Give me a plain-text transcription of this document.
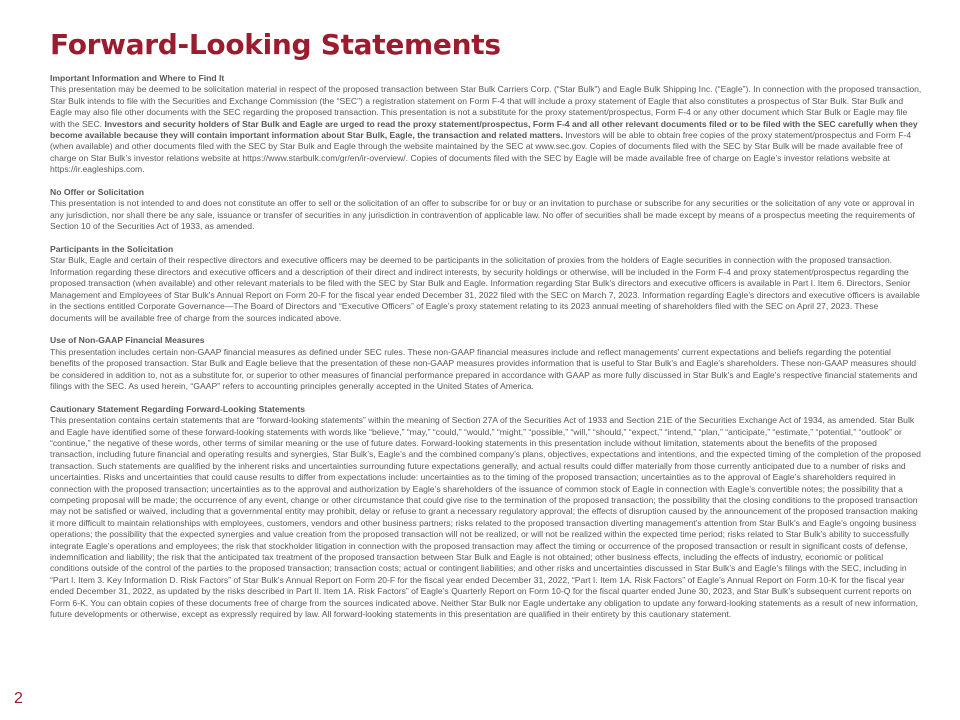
Forward-Looking Statements
Important Information and Where to Find It
This presentation may be deemed to be solicitation material in respect of the proposed transaction between Star Bulk Carriers Corp. (“Star Bulk”) and Eagle Bulk Shipping Inc. (“Eagle”). In connection with the proposed transaction, Star Bulk intends to file with the Securities and Exchange Commission (the “SEC”) a registration statement on Form F-4 that will include a proxy statement of Eagle that also constitutes a prospectus of Star Bulk. Star Bulk and Eagle may also file other documents with the SEC regarding the proposed transaction. This presentation is not a substitute for the proxy statement/prospectus, Form F-4 or any other document which Star Bulk or Eagle may file with the SEC. Investors and security holders of Star Bulk and Eagle are urged to read the proxy statement/prospectus, Form F-4 and all other relevant documents filed or to be filed with the SEC carefully when they become available because they will contain important information about Star Bulk, Eagle, the transaction and related matters. Investors will be able to obtain free copies of the proxy statement/prospectus and Form F-4 (when available) and other documents filed with the SEC by Star Bulk and Eagle through the website maintained by the SEC at www.sec.gov. Copies of documents filed with the SEC by Star Bulk will be made available free of charge on Star Bulk’s investor relations website at https://www.starbulk.com/gr/en/ir-overview/. Copies of documents filed with the SEC by Eagle will be made available free of charge on Eagle’s investor relations website at https://ir.eagleships.com.
No Offer or Solicitation
This presentation is not intended to and does not constitute an offer to sell or the solicitation of an offer to subscribe for or buy or an invitation to purchase or subscribe for any securities or the solicitation of any vote or approval in any jurisdiction, nor shall there be any sale, issuance or transfer of securities in any jurisdiction in contravention of applicable law. No offer of securities shall be made except by means of a prospectus meeting the requirements of Section 10 of the Securities Act of 1933, as amended.
Participants in the Solicitation
Star Bulk, Eagle and certain of their respective directors and executive officers may be deemed to be participants in the solicitation of proxies from the holders of Eagle securities in connection with the proposed transaction. Information regarding these directors and executive officers and a description of their direct and indirect interests, by security holdings or otherwise, will be included in the Form F-4 and proxy statement/prospectus regarding the proposed transaction (when available) and other relevant materials to be filed with the SEC by Star Bulk and Eagle. Information regarding Star Bulk’s directors and executive officers is available in Part I. Item 6. Directors, Senior Management and Employees of Star Bulk’s Annual Report on Form 20-F for the fiscal year ended December 31, 2022 filed with the SEC on March 7, 2023. Information regarding Eagle’s directors and executive officers is available in the sections entitled Corporate Governance—The Board of Directors and “Executive Officers” of Eagle’s proxy statement relating to its 2023 annual meeting of shareholders filed with the SEC on April 27, 2023. These documents will be available free of charge from the sources indicated above.
Use of Non-GAAP Financial Measures
This presentation includes certain non-GAAP financial measures as defined under SEC rules. These non-GAAP financial measures include and reflect managements' current expectations and beliefs regarding the potential benefits of the proposed transaction. Star Bulk and Eagle believe that the presentation of these non-GAAP measures provides information that is useful to Star Bulk's and Eagle's shareholders. These non-GAAP measures should be considered in addition to, not as a substitute for, or superior to other measures of financial performance prepared in accordance with GAAP as more fully discussed in Star Bulk's and Eagle's respective financial statements and filings with the SEC. As used herein, “GAAP” refers to accounting principles generally accepted in the United States of America.
Cautionary Statement Regarding Forward-Looking Statements
This presentation contains certain statements that are “forward-looking statements” within the meaning of Section 27A of the Securities Act of 1933 and Section 21E of the Securities Exchange Act of 1934, as amended. Star Bulk and Eagle have identified some of these forward-looking statements with words like “believe,” “may,” “could,” “would,” “might,” “possible,” “will,” “should,” “expect,” “intend,” “plan,” “anticipate,” “estimate,” “potential,” “outlook” or “continue,” the negative of these words, other terms of similar meaning or the use of future dates. Forward-looking statements in this presentation include without limitation, statements about the benefits of the proposed transaction, including future financial and operating results and synergies, Star Bulk’s, Eagle’s and the combined company’s plans, objectives, expectations and intentions, and the expected timing of the completion of the proposed transaction. Such statements are qualified by the inherent risks and uncertainties surrounding future expectations generally, and actual results could differ materially from those currently anticipated due to a number of risks and uncertainties. Risks and uncertainties that could cause results to differ from expectations include: uncertainties as to the timing of the proposed transaction; uncertainties as to the approval of Eagle’s shareholders required in connection with the proposed transaction; uncertainties as to the approval and authorization by Eagle’s shareholders of the issuance of common stock of Eagle in connection with Eagle’s convertible notes; the possibility that a competing proposal will be made; the occurrence of any event, change or other circumstance that could give rise to the termination of the proposed transaction; the possibility that the closing conditions to the proposed transaction may not be satisfied or waived, including that a governmental entity may prohibit, delay or refuse to grant a necessary regulatory approval; the effects of disruption caused by the announcement of the proposed transaction making it more difficult to maintain relationships with employees, customers, vendors and other business partners; risks related to the proposed transaction diverting management’s attention from Star Bulk’s and Eagle’s ongoing business operations; the possibility that the expected synergies and value creation from the proposed transaction will not be realized, or will not be realized within the expected time period; risks related to Star Bulk’s ability to successfully integrate Eagle’s operations and employees; the risk that stockholder litigation in connection with the proposed transaction may affect the timing or occurrence of the proposed transaction or result in significant costs of defense, indemnification and liability; the risk that the anticipated tax treatment of the proposed transaction between Star Bulk and Eagle is not obtained; other business effects, including the effects of industry, economic or political conditions outside of the control of the parties to the proposed transaction; transaction costs; actual or contingent liabilities; and other risks and uncertainties discussed in Star Bulk’s and Eagle’s filings with the SEC, including in “Part I. Item 3. Key Information D. Risk Factors” of Star Bulk’s Annual Report on Form 20-F for the fiscal year ended December 31, 2022, “Part I. Item 1A. Risk Factors” of Eagle’s Annual Report on Form 10-K for the fiscal year ended December 31, 2022, as updated by the risks described in Part II. Item 1A. Risk Factors” of Eagle’s Quarterly Report on Form 10-Q for the fiscal quarter ended June 30, 2023, and Star Bulk’s subsequent current reports on Form 6-K. You can obtain copies of these documents free of charge from the sources indicated above. Neither Star Bulk nor Eagle undertake any obligation to update any forward-looking statements as a result of new information, future developments or otherwise, except as expressly required by law. All forward-looking statements in this presentation are qualified in their entirety by this cautionary statement.
2
